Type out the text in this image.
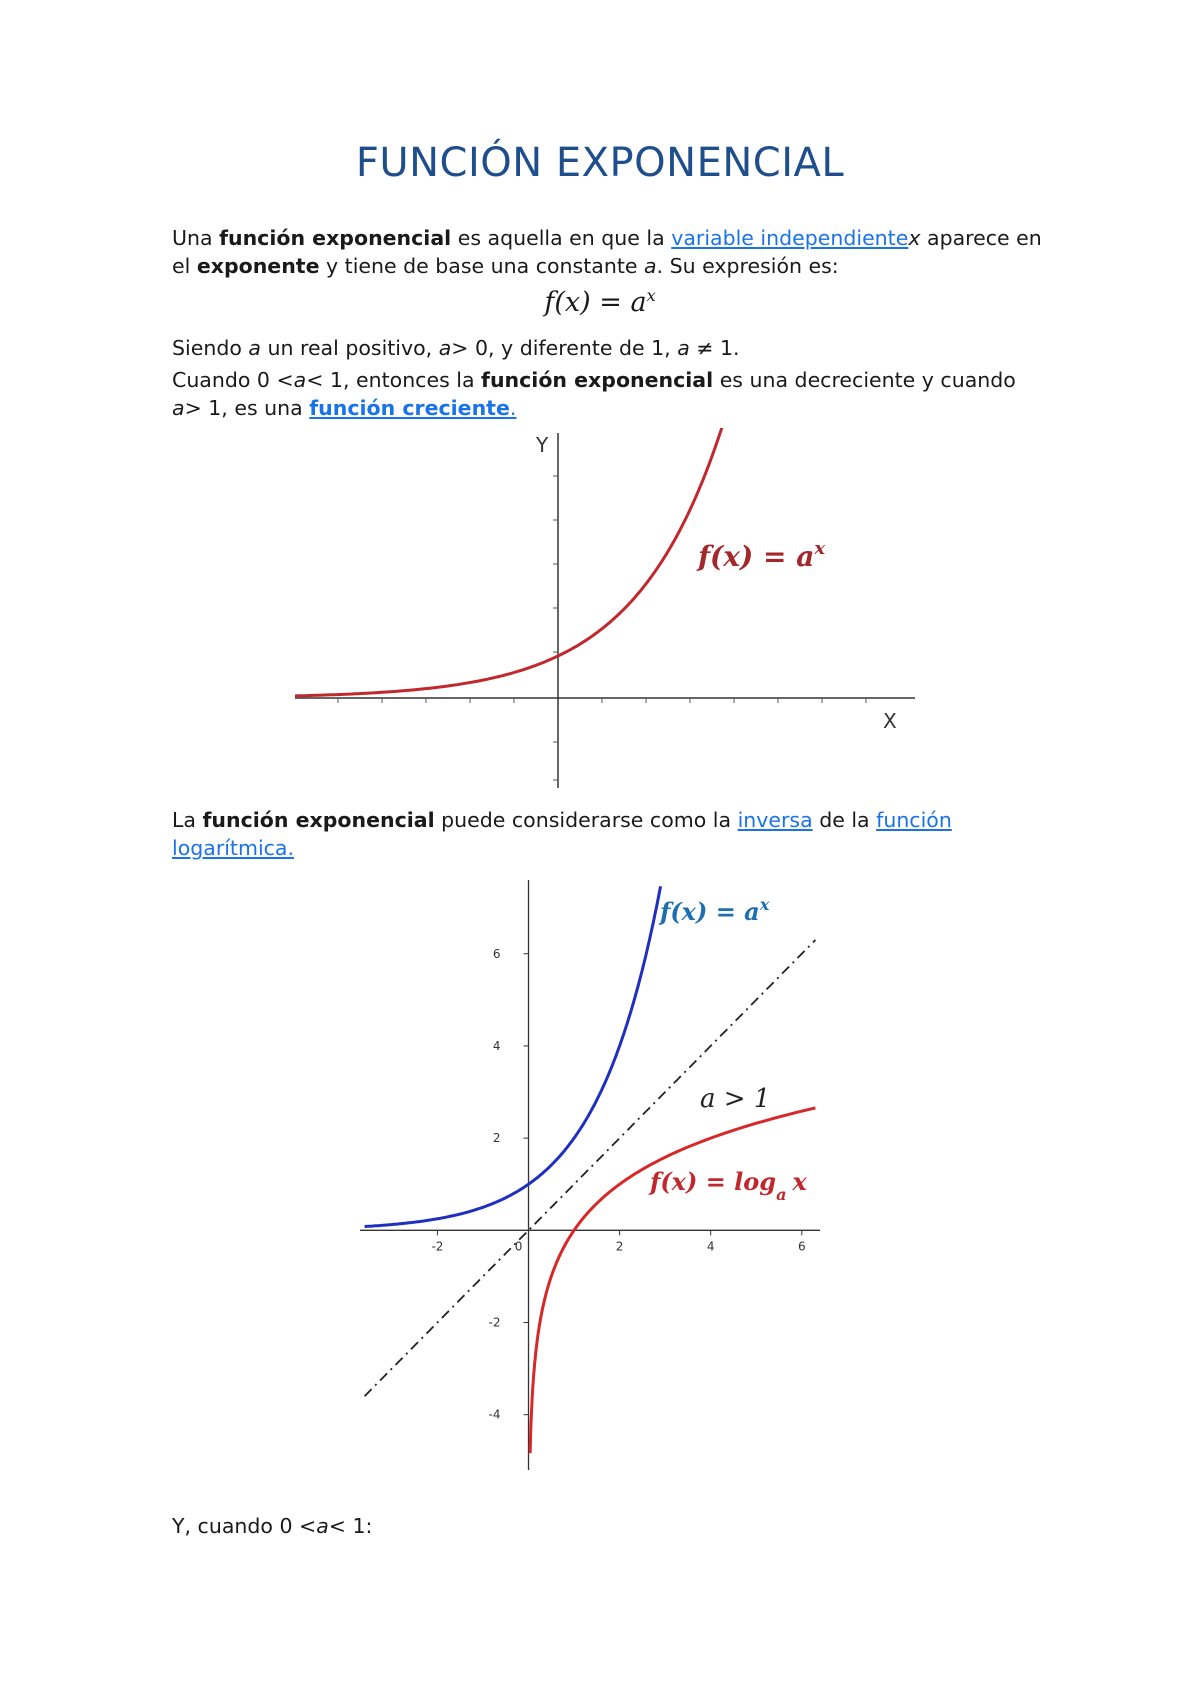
FUNCIÓN EXPONENCIAL
Una función exponencial es aquella en que la variable independientex aparece en el exponente y tiene de base una constante a. Su expresión es:
$f(x) = a^x$
Siendo a un real positivo, a> 0, y diferente de 1, a ≠ 1.
Cuando 0 <a< 1, entonces la función exponencial es una decreciente y cuando a> 1, es una función creciente.
Y
X
$f(x) = a^x$
La función exponencial puede considerarse como la inversa de la función logarítmica.
-2	0	2	4	6
-4
-2
2
4
6
$f(x) = a^x$
a > 1
$f(x) = \log_a x$
Y, cuando 0 <a< 1:
